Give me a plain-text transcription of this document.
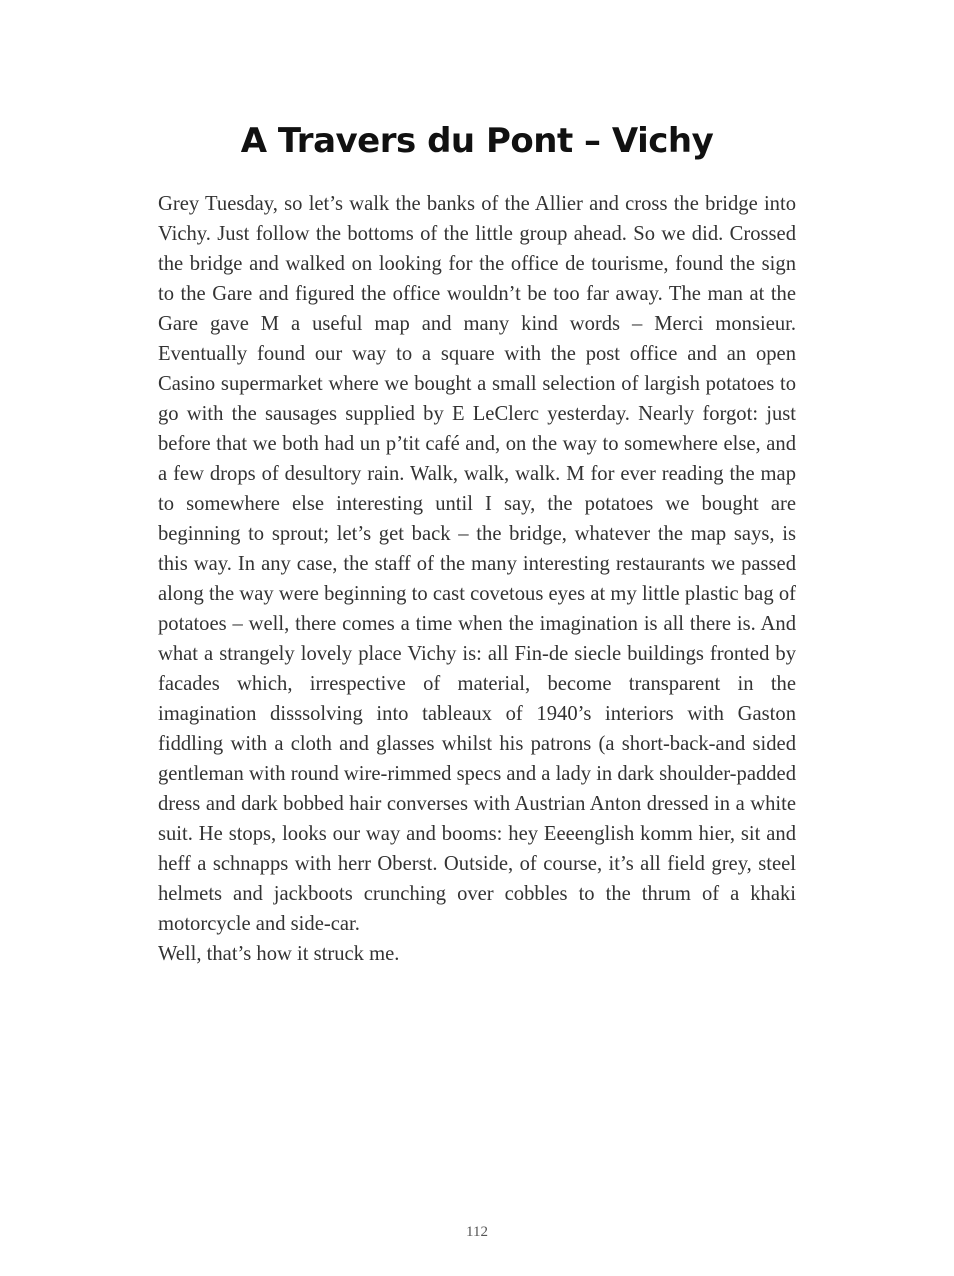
A Travers du Pont – Vichy

Grey Tuesday, so let’s walk the banks of the Allier and cross the bridge into Vichy. Just follow the bottoms of the little group ahead. So we did. Crossed the bridge and walked on looking for the office de tourisme, found the sign to the Gare and figured the office wouldn’t be too far away. The man at the Gare gave M a useful map and many kind words – Merci monsieur. Eventually found our way to a square with the post office and an open Casino supermarket where we bought a small selection of largish potatoes to go with the sausages supplied by E LeClerc yesterday. Nearly forgot: just before that we both had un p’tit café and, on the way to somewhere else, and a few drops of desultory rain. Walk, walk, walk. M for ever reading the map to somewhere else interesting until I say, the potatoes we bought are beginning to sprout; let’s get back – the bridge, whatever the map says, is this way. In any case, the staff of the many interesting restaurants we passed along the way were beginning to cast covetous eyes at my little plastic bag of potatoes – well, there comes a time when the imagination is all there is. And what a strangely lovely place Vichy is: all Fin-de siecle buildings fronted by facades which, irrespective of material, become transparent in the imagination disssolving into tableaux of 1940’s interiors with Gaston fiddling with a cloth and glasses whilst his patrons (a short-back-and sided gentleman with round wire-rimmed specs and a lady in dark shoulder-padded dress and dark bobbed hair converses with Austrian Anton dressed in a white suit. He stops, looks our way and booms: hey Eeeenglish komm hier, sit and heff a schnapps with herr Oberst. Outside, of course, it’s all field grey, steel helmets and jackboots crunching over cobbles to the thrum of a khaki motorcycle and side-car.

Well, that’s how it struck me.

112
